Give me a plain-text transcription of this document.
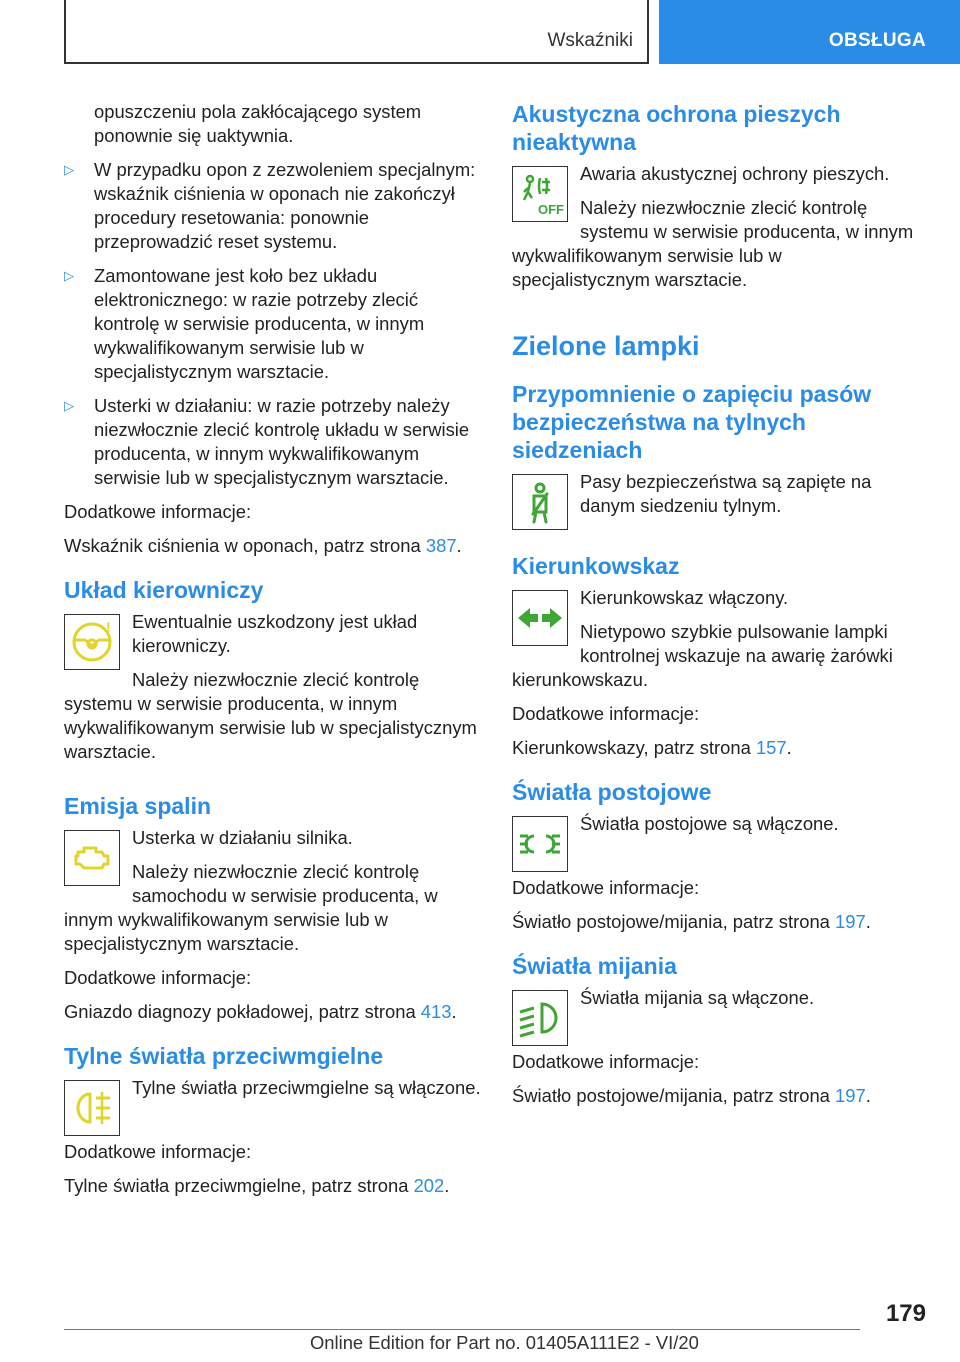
Wskaźniki	OBSŁUGA

opuszczeniu pola zakłócającego system ponownie się uaktywnia.

▷ W przypadku opon z zezwoleniem specjalnym: wskaźnik ciśnienia w oponach nie zakończył procedury resetowania: ponownie przeprowadzić reset systemu.
▷ Zamontowane jest koło bez układu elektronicznego: w razie potrzeby zlecić kontrolę w serwisie producenta, w innym wykwalifikowanym serwisie lub w specjalistycznym warsztacie.
▷ Usterki w działaniu: w razie potrzeby należy niezwłocznie zlecić kontrolę układu w serwisie producenta, w innym wykwalifikowanym serwisie lub w specjalistycznym warsztacie.

Dodatkowe informacje:

Wskaźnik ciśnienia w oponach, patrz strona 387.

Układ kierowniczy
!	Ewentualnie uszkodzony jest układ kierowniczy.

Należy niezwłocznie zlecić kontrolę systemu w serwisie producenta, w innym wykwalifikowanym serwisie lub w specjalistycznym warsztacie.

Emisja spalin

Usterka w działaniu silnika.

Należy niezwłocznie zlecić kontrolę samochodu w serwisie producenta, w innym wykwalifikowanym serwisie lub w specjalistycznym warsztacie.

Dodatkowe informacje:

Gniazdo diagnozy pokładowej, patrz strona 413.

Tylne światła przeciwmgielne

Tylne światła przeciwmgielne są włączone.

Dodatkowe informacje:

Tylne światła przeciwmgielne, patrz strona 202.

Akustyczna ochrona pieszych nieaktywna
OFF

Awaria akustycznej ochrony pieszych.

Należy niezwłocznie zlecić kontrolę systemu w serwisie producenta, w innym wykwalifikowanym serwisie lub w specjalistycznym warsztacie.

Zielone lampki
Przypomnienie o zapięciu pasów bezpieczeństwa na tylnych siedzeniach

Pasy bezpieczeństwa są zapięte na danym siedzeniu tylnym.

Kierunkowskaz

Kierunkowskaz włączony.

Nietypowo szybkie pulsowanie lampki kontrolnej wskazuje na awarię żarówki kierunkowskazu.

Dodatkowe informacje:

Kierunkowskazy, patrz strona 157.

Światła postojowe

Światła postojowe są włączone.

Dodatkowe informacje:

Światło postojowe/mijania, patrz strona 197.

Światła mijania

Światła mijania są włączone.

Dodatkowe informacje:

Światło postojowe/mijania, patrz strona 197.

179
Online Edition for Part no. 01405A111E2 - VI/20
